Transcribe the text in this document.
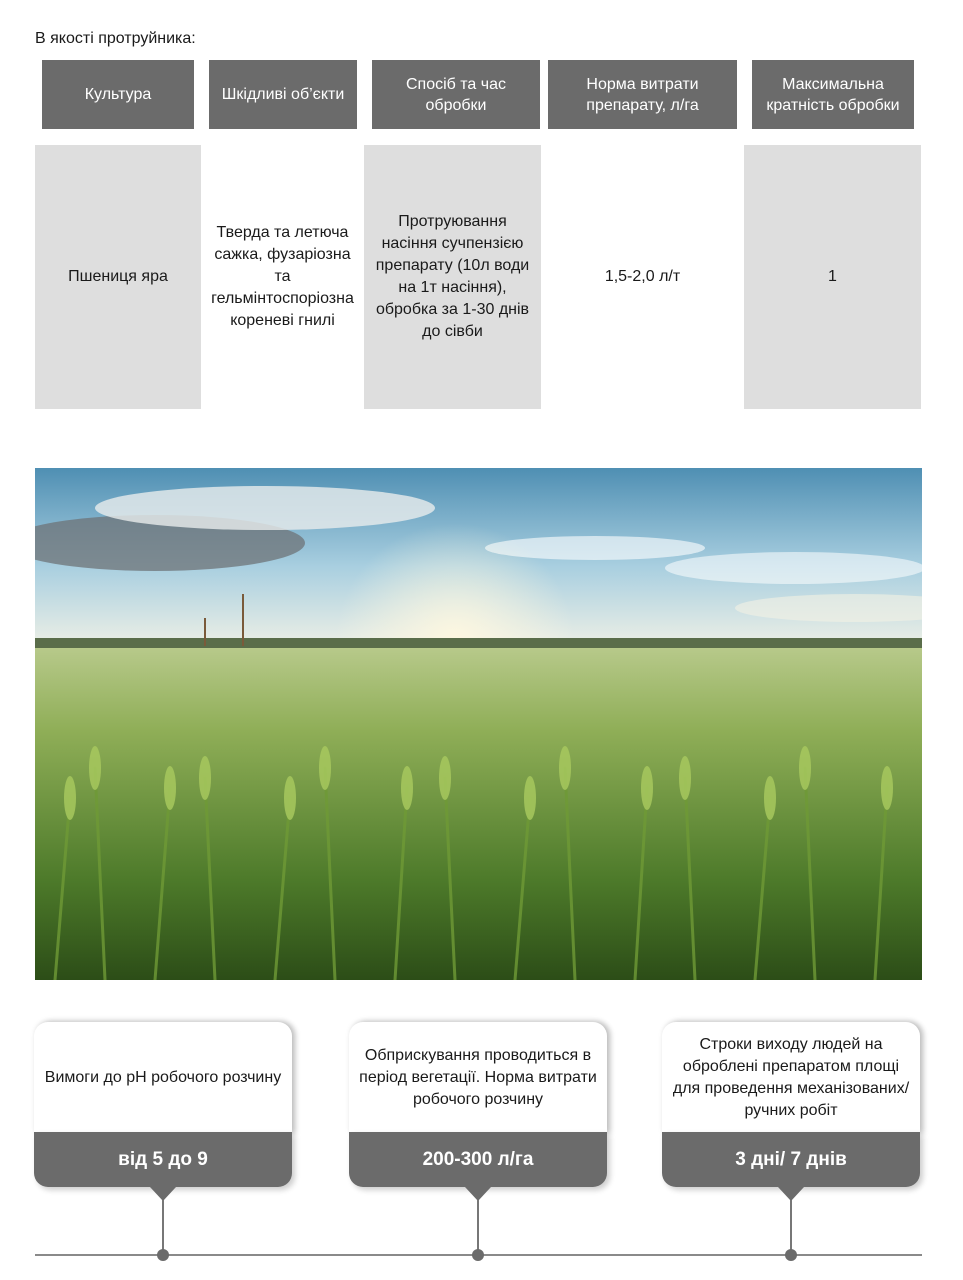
В якості протруйника:
Культура	Шкідливі об’єкти
Спосіб та час обробки
Норма витрати препарату, л/га
Максимальна кратність обробки
Пшениця яра
Тверда та летюча сажка, фузаріозна та гельмінтоспоріозна кореневі гнилі
Протруювання насіння сучпензією препарату (10л води на 1т насіння), обробка за 1-30 днів до сівби
1,5-2,0 л/т	1
Вимоги до pH робочого розчину
від 5 до 9
Обприскування проводиться в період вегетації. Норма витрати робочого розчину
200-300 л/га
Строки виходу людей на оброблені препаратом площі для проведення механізованих/ручних робіт
3 дні/ 7 днів
